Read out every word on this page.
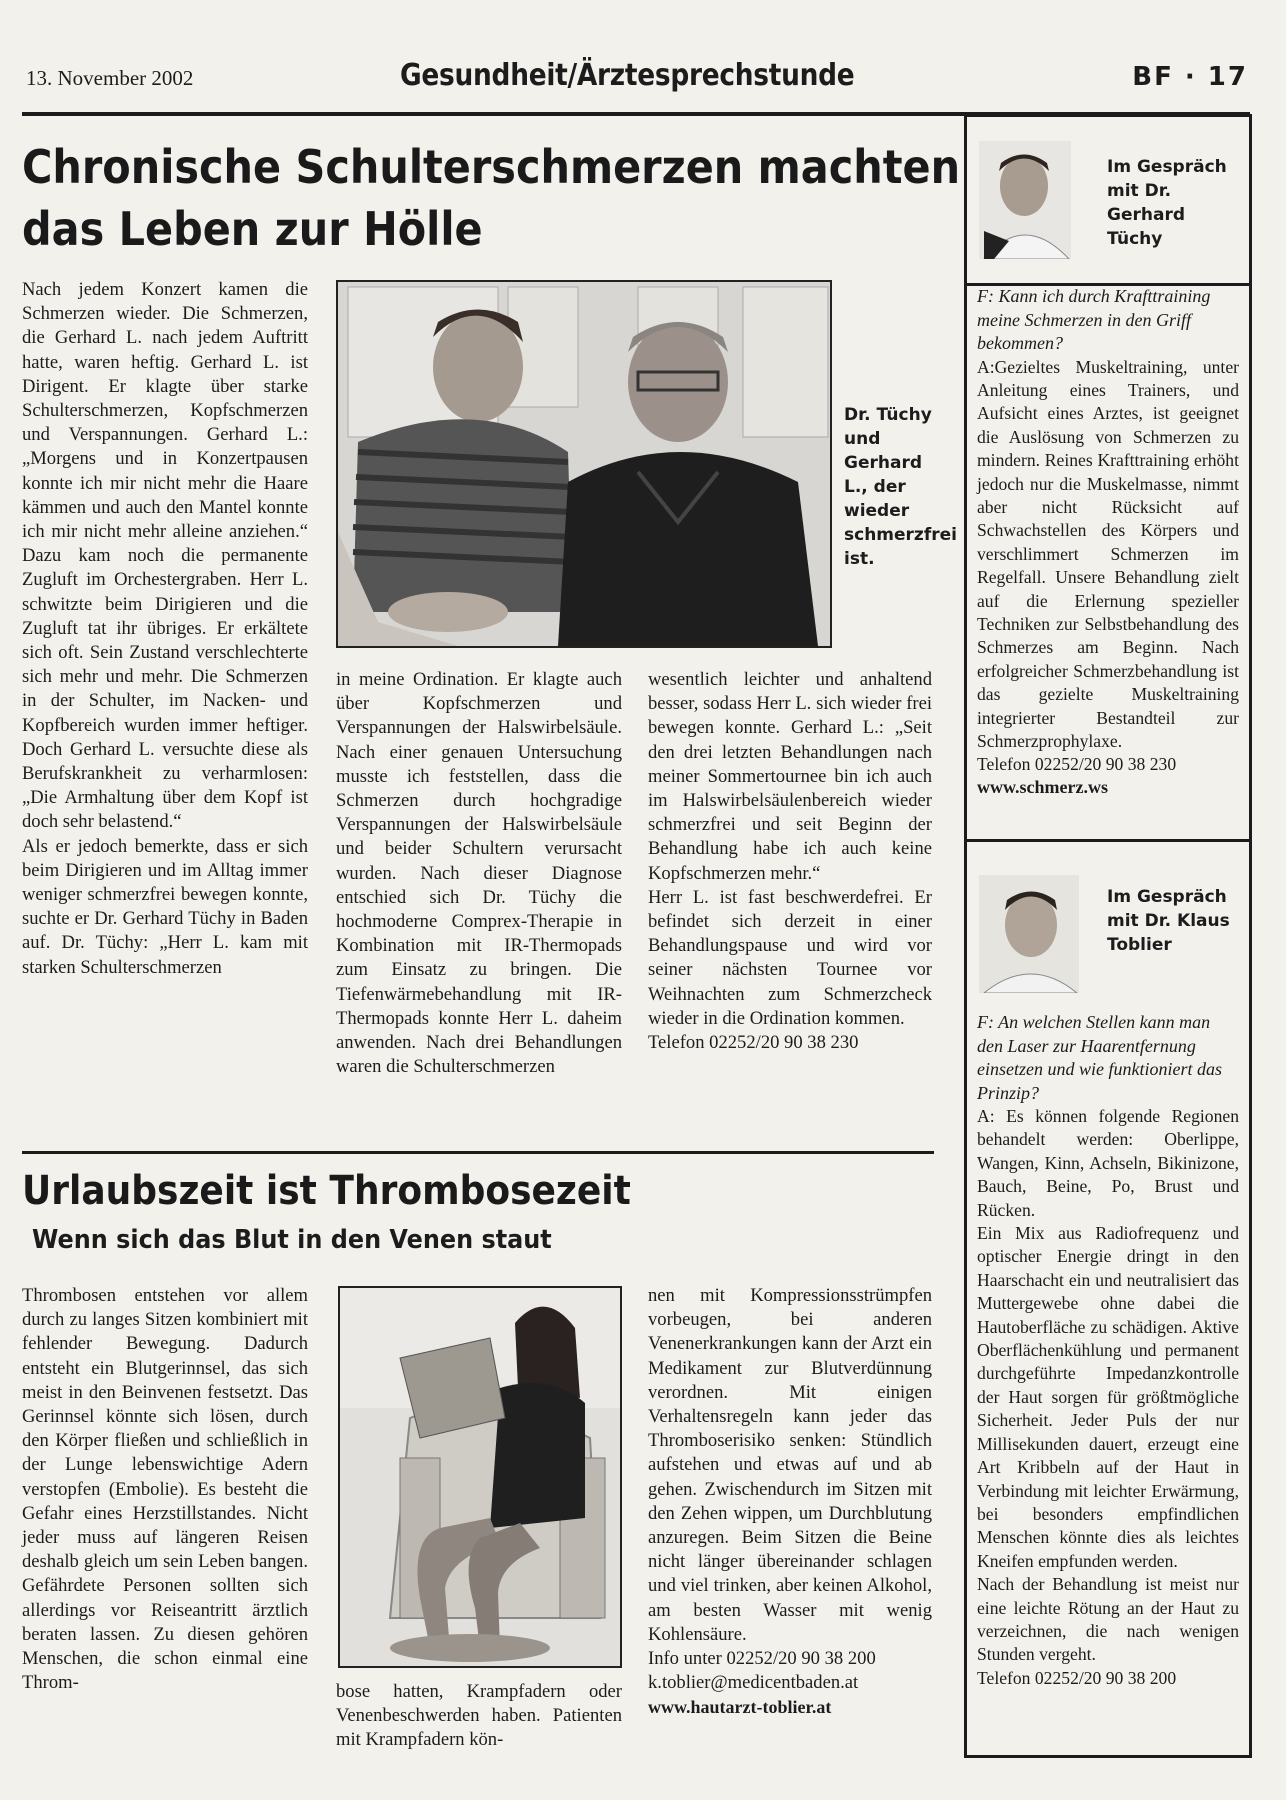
13. November 2002	Gesundheit/Ärztesprechstunde	BF · 17
Chronische Schulterschmerzen machten
das Leben zur Hölle

Nach jedem Konzert kamen die Schmerzen wieder. Die Schmerzen, die Gerhard L. nach jedem Auftritt hatte, waren heftig. Gerhard L. ist Dirigent. Er klagte über starke Schulterschmerzen, Kopfschmerzen und Verspannungen. Gerhard L.: „Morgens und in Konzertpausen konnte ich mir nicht mehr die Haare kämmen und auch den Mantel konnte ich mir nicht mehr alleine anziehen.“ Dazu kam noch die permanente Zugluft im Orchestergraben. Herr L. schwitzte beim Dirigieren und die Zugluft tat ihr übriges. Er erkältete sich oft. Sein Zustand verschlechterte sich mehr und mehr. Die Schmerzen in der Schulter, im Nacken- und Kopfbereich wurden immer heftiger. Doch Gerhard L. versuchte diese als Berufskrankheit zu verharmlosen: „Die Armhaltung über dem Kopf ist doch sehr belastend.“

Als er jedoch bemerkte, dass er sich beim Dirigieren und im Alltag immer weniger schmerzfrei bewegen konnte, suchte er Dr. Gerhard Tüchy in Baden auf. Dr. Tüchy: „Herr L. kam mit starken Schulterschmerzen

Dr. Tüchy und Gerhard L., der wieder schmerzfrei ist.

in meine Ordination. Er klagte auch über Kopfschmerzen und Verspannungen der Halswirbelsäule. Nach einer genauen Untersuchung musste ich feststellen, dass die Schmerzen durch hochgradige Verspannungen der Halswirbelsäule und beider Schultern verursacht wurden. Nach dieser Diagnose entschied sich Dr. Tüchy die hochmoderne Comprex-Therapie in Kombination mit IR-Thermopads zum Einsatz zu bringen. Die Tiefenwärmebehandlung mit IR-Thermopads konnte Herr L. daheim anwenden. Nach drei Behandlungen waren die Schulterschmerzen

wesentlich leichter und anhaltend besser, sodass Herr L. sich wieder frei bewegen konnte. Gerhard L.: „Seit den drei letzten Behandlungen nach meiner Sommertournee bin ich auch im Halswirbelsäulenbereich wieder schmerzfrei und seit Beginn der Behandlung habe ich auch keine Kopfschmerzen mehr.“

Herr L. ist fast beschwerdefrei. Er befindet sich derzeit in einer Behandlungspause und wird vor seiner nächsten Tournee vor Weihnachten zum Schmerzcheck wieder in die Ordination kommen.

Telefon 02252/20 90 38 230

Urlaubszeit ist Thrombosezeit
Wenn sich das Blut in den Venen staut

Thrombosen entstehen vor allem durch zu langes Sitzen kombiniert mit fehlender Bewegung. Dadurch entsteht ein Blutgerinnsel, das sich meist in den Beinvenen festsetzt. Das Gerinnsel könnte sich lösen, durch den Körper fließen und schließlich in der Lunge lebenswichtige Adern verstopfen (Embolie). Es besteht die Gefahr eines Herzstillstandes. Nicht jeder muss auf längeren Reisen deshalb gleich um sein Leben bangen. Gefährdete Personen sollten sich allerdings vor Reiseantritt ärztlich beraten lassen. Zu diesen gehören Menschen, die schon einmal eine Throm-	bose hatten, Krampfadern oder Venenbeschwerden haben. Patienten mit Krampfadern kön-

nen mit Kompressionsstrümpfen vorbeugen, bei anderen Venenerkrankungen kann der Arzt ein Medikament zur Blutverdünnung verordnen. Mit einigen Verhaltensregeln kann jeder das Thromboserisiko senken: Stündlich aufstehen und etwas auf und ab gehen. Zwischendurch im Sitzen mit den Zehen wippen, um Durchblutung anzuregen. Beim Sitzen die Beine nicht länger übereinander schlagen und viel trinken, aber keinen Alkohol, am besten Wasser mit wenig Kohlensäure.

Info unter 02252/20 90 38 200

k.toblier@medicentbaden.at

www.hautarzt-toblier.at

Im Gespräch mit Dr. Gerhard Tüchy
F: Kann ich durch Krafttraining meine Schmerzen in den Griff bekommen?
A:Gezieltes Muskeltraining, unter Anleitung eines Trainers, und Aufsicht eines Arztes, ist geeignet die Auslösung von Schmerzen zu mindern. Reines Krafttraining erhöht jedoch nur die Muskelmasse, nimmt aber nicht Rücksicht auf Schwachstellen des Körpers und verschlimmert Schmerzen im Regelfall. Unsere Behandlung zielt auf die Erlernung spezieller Techniken zur Selbstbehandlung des Schmerzes am Beginn. Nach erfolgreicher Schmerzbehandlung ist das gezielte Muskeltraining integrierter Bestandteil zur Schmerzprophylaxe.
Telefon 02252/20 90 38 230
www.schmerz.ws
Im Gespräch mit Dr. Klaus Toblier
F: An welchen Stellen kann man den Laser zur Haarentfernung einsetzen und wie funktioniert das Prinzip?
A: Es können folgende Regionen behandelt werden: Oberlippe, Wangen, Kinn, Achseln, Bikinizone, Bauch, Beine, Po, Brust und Rücken.
Ein Mix aus Radiofrequenz und optischer Energie dringt in den Haarschacht ein und neutralisiert das Muttergewebe ohne dabei die Hautoberfläche zu schädigen. Aktive Oberflächenkühlung und permanent durchgeführte Impedanzkontrolle der Haut sorgen für größtmögliche Sicherheit. Jeder Puls der nur Millisekunden dauert, erzeugt eine Art Kribbeln auf der Haut in Verbindung mit leichter Erwärmung, bei besonders empfindlichen Menschen könnte dies als leichtes Kneifen empfunden werden.
Nach der Behandlung ist meist nur eine leichte Rötung an der Haut zu verzeichnen, die nach wenigen Stunden vergeht.
Telefon 02252/20 90 38 200
